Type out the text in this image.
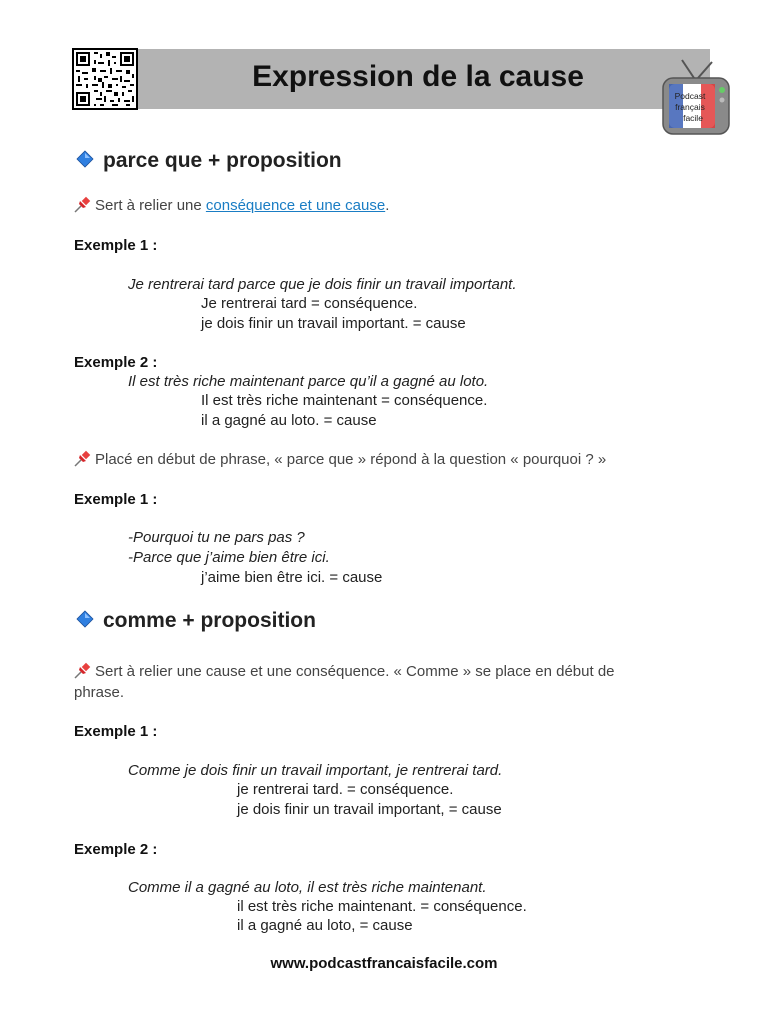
Expression de la cause
Podcast
français
facile
parce que + proposition
Sert à relier une conséquence et une cause.
Exemple 1 :
Je rentrerai tard parce que je dois finir un travail important.
Je rentrerai tard = conséquence.
je dois finir un travail important. = cause
Exemple 2 :
Il est très riche maintenant parce qu’il a gagné au loto.
Il est très riche maintenant = conséquence.
il a gagné au loto. = cause
Placé en début de phrase, « parce que » répond à la question « pourquoi ? »
Exemple 1 :
-Pourquoi tu ne pars pas ?
-Parce que j’aime bien être ici.
j’aime bien être ici. = cause
comme + proposition
Sert à relier une cause et une conséquence. « Comme » se place en début de
phrase.
Exemple 1 :
Comme je dois finir un travail important, je rentrerai tard.
je rentrerai tard. = conséquence.
je dois finir un travail important, = cause
Exemple 2 :
Comme il a gagné au loto, il est très riche maintenant.
il est très riche maintenant. = conséquence.
il a gagné au loto, = cause
www.podcastfrancaisfacile.com
